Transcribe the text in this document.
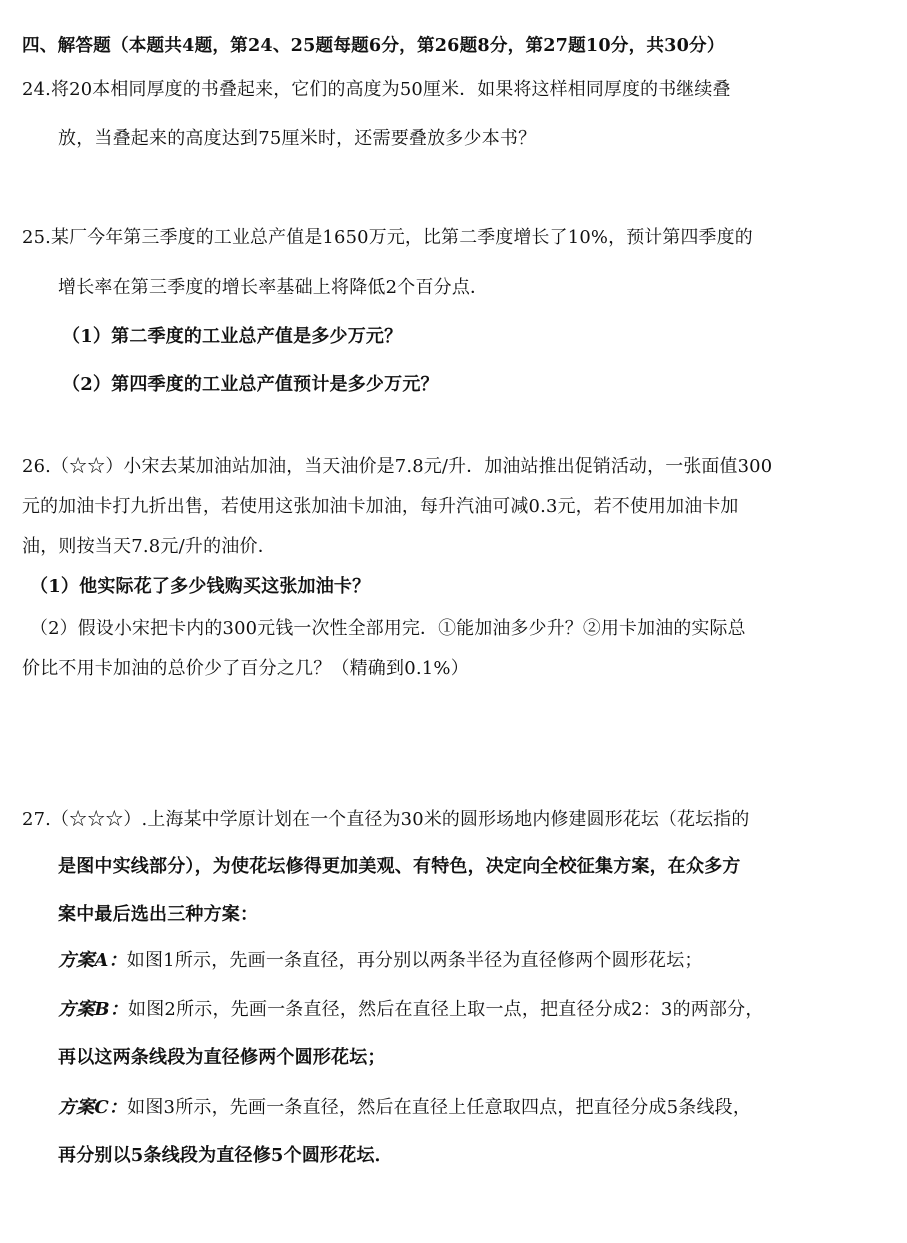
四、解答题（本题共4题，第24、25题每题6分，第26题8分，第27题10分，共30分）
24.将20本相同厚度的书叠起来，它们的高度为50厘米．如果将这样相同厚度的书继续叠
放，当叠起来的高度达到75厘米时，还需要叠放多少本书？
25.某厂今年第三季度的工业总产值是1650万元，比第二季度增长了10%，预计第四季度的
增长率在第三季度的增长率基础上将降低2个百分点．
（1）第二季度的工业总产值是多少万元？
（2）第四季度的工业总产值预计是多少万元？
26.（☆☆）小宋去某加油站加油，当天油价是7.8元/升．加油站推出促销活动，一张面值300
元的加油卡打九折出售，若使用这张加油卡加油，每升汽油可减0.3元，若不使用加油卡加
油，则按当天7.8元/升的油价．
（1）他实际花了多少钱购买这张加油卡？
（2）假设小宋把卡内的300元钱一次性全部用完．①能加油多少升？②用卡加油的实际总
价比不用卡加油的总价少了百分之几？（精确到0.1%）
27.（☆☆☆）.上海某中学原计划在一个直径为30米的圆形场地内修建圆形花坛（花坛指的
是图中实线部分），为使花坛修得更加美观、有特色，决定向全校征集方案，在众多方
案中最后选出三种方案：
方案A：如图1所示，先画一条直径，再分别以两条半径为直径修两个圆形花坛；
方案B：如图2所示，先画一条直径，然后在直径上取一点，把直径分成2：3的两部分，
再以这两条线段为直径修两个圆形花坛；
方案C：如图3所示，先画一条直径，然后在直径上任意取四点，把直径分成5条线段，
再分别以5条线段为直径修5个圆形花坛．
